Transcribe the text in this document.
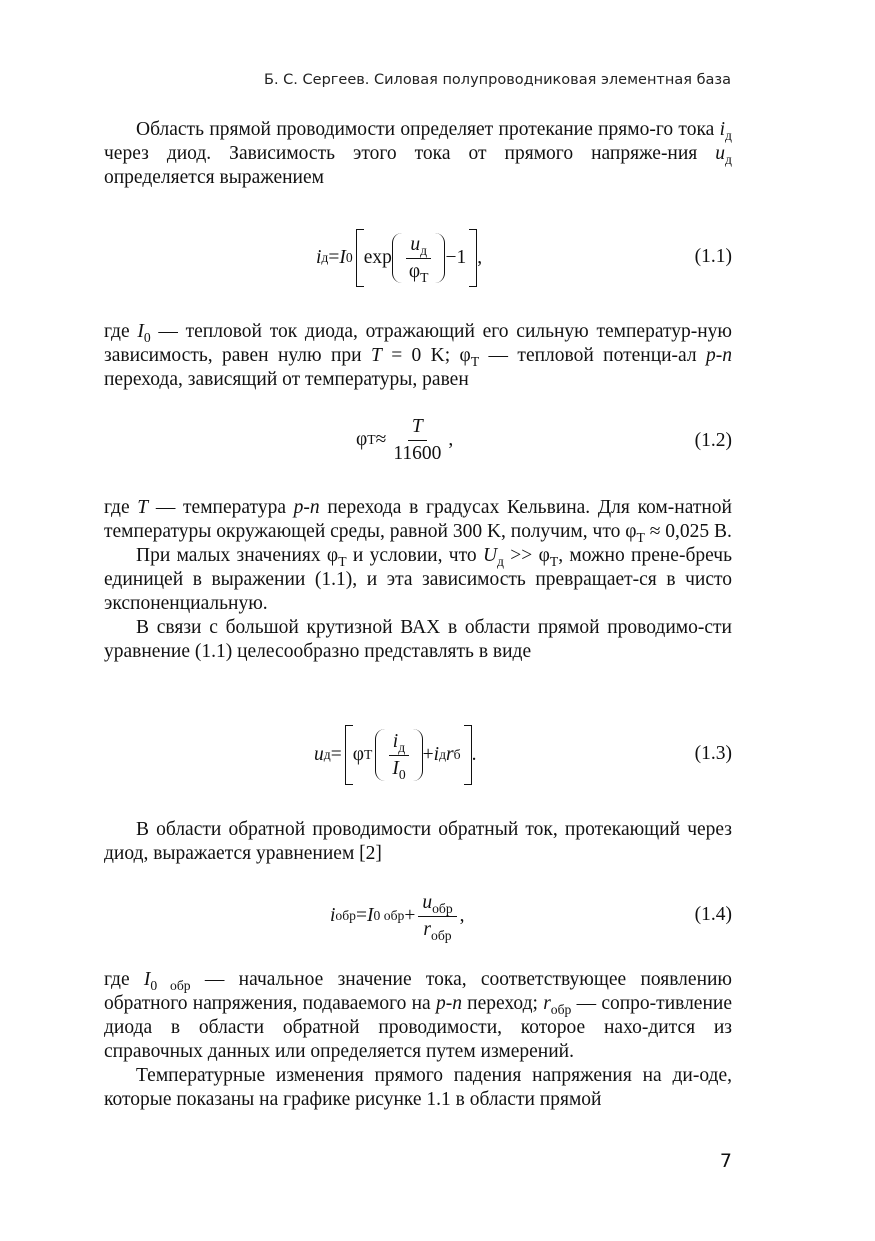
Б. С. Сергеев. Силовая полупроводниковая элементная база

Область прямой проводимости определяет протекание прямо-го тока $i_д$ через диод. Зависимость этого тока от прямого напряже-ния $u_д$ определяется выражением

i д = I 0 $\exp \frac{u_д}{\varphi_T} -1$ ,	(1.1)

где $I_0$ — тепловой ток диода, отражающий его сильную температур-ную зависимость, равен нулю при T = 0 K; $\varphi_T$ — тепловой потенци-ал p-n перехода, зависящий от температуры, равен

φ $T \approx \frac{T}{11600}$ ,	(1.2)

где T — температура p-n перехода в градусах Кельвина. Для ком-натной температуры окружающей среды, равной 300 K, получим, что $\varphi_T \approx 0,025$ В.

При малых значениях $\varphi_T$ и условии, что $U_д >> \varphi_T$, можно прене-бречь единицей в выражении (1.1), и эта зависимость превращает-ся в чисто экспоненциальную.

В связи с большой крутизной ВАХ в области прямой проводимо-сти уравнение (1.1) целесообразно представлять в виде

u д = φ T $\frac{i_д}{I_0} + i$ д r б .	(1.3)

В области обратной проводимости обратный ток, протекающий через диод, выражается уравнением [2]

i обр = I 0 обр + $\frac{u_{обр}}{r_{обр}}$ ,	(1.4)

где $I_{0 обр}$ — начальное значение тока, соответствующее появлению обратного напряжения, подаваемого на p-n переход; $r_{обр}$ — сопро-тивление диода в области обратной проводимости, которое нахо-дится из справочных данных или определяется путем измерений.

Температурные изменения прямого падения напряжения на ди-оде, которые показаны на графике рисунке 1.1 в области прямой

7
